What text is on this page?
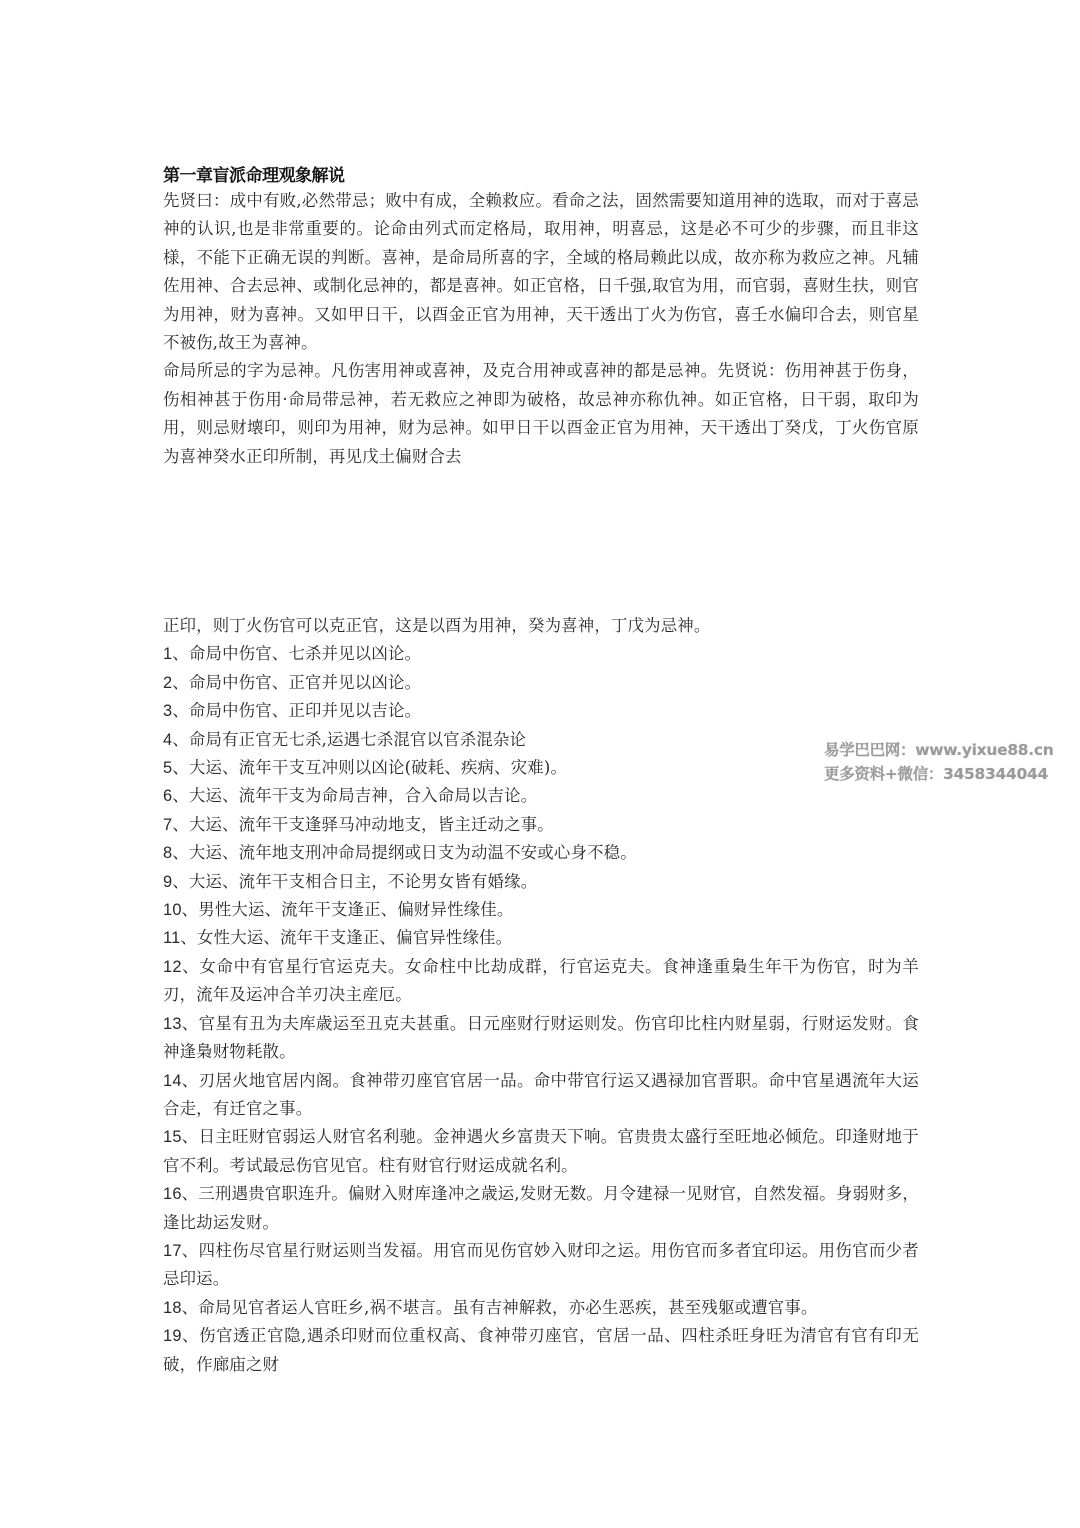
第一章盲派命理观象解说

先贤曰：成中有败,必然带忌；败中有成，全赖救应。看命之法，固然需要知道用神的选取，而对于喜忌神的认识,也是非常重要的。论命由列式而定格局，取用神，明喜忌，这是必不可少的步骤，而且非这様，不能下正确无误的判断。喜神，是命局所喜的字，全域的格局赖此以成，故亦称为救应之神。凡辅佐用神、合去忌神、或制化忌神的，都是喜神。如正官格，日千强,取官为用，而官弱，喜财生扶，则官为用神，财为喜神。又如甲日干，以酉金正官为用神，天干透出丁火为伤官，喜壬水偏印合去，则官星不被伤,故王为喜神。

命局所忌的字为忌神。凡伤害用神或喜神，及克合用神或喜神的都是忌神。先贤说：伤用神甚于伤身，伤相神甚于伤用·命局带忌神，若无救应之神即为破格，故忌神亦称仇神。如正官格，日干弱，取印为用，则忌财壊印，则印为用神，财为忌神。如甲日干以酉金正官为用神，天干透出丁癸戊，丁火伤官原为喜神癸水正印所制，再见戊土偏财合去

正印，则丁火伤官可以克正官，这是以酉为用神，癸为喜神，丁戊为忌神。

1、命局中伤官、七杀并见以凶论。

2、命局中伤官、正官并见以凶论。

3、命局中伤官、正印并见以吉论。

4、命局有正官无七杀,运遇七杀混官以官杀混杂论

5、大运、流年干支互冲则以凶论(破耗、疾病、灾难)。

6、大运、流年干支为命局吉神，合入命局以吉论。

7、大运、流年干支逢驿马冲动地支，皆主迁动之事。

8、大运、流年地支刑冲命局提纲或日支为动温不安或心身不稳。

9、大运、流年干支相合日主，不论男女皆有婚缘。

10、男性大运、流年干支逢正、偏财异性缘佳。

11、女性大运、流年干支逢正、偏官异性缘佳。

12、女命中有官星行官运克夫。女命柱中比劫成群，行官运克夫。食神逢重梟生年干为伤官，时为羊刃，流年及运冲合羊刃决主産厄。

13、官星有丑为夫库歳运至丑克夫甚重。日元座财行财运则发。伤官印比柱内财星弱，行财运发财。食神逢梟财物耗散。

14、刃居火地官居内阁。食神带刃座官官居一品。命中带官行运又遇禄加官晋职。命中官星遇流年大运合走，有迁官之事。

15、日主旺财官弱运人财官名利驰。金神遇火乡富贵天下响。官贵贵太盛行至旺地必倾危。印逢财地于官不利。考试最忌伤官见官。柱有财官行财运成就名利。

16、三刑遇贵官职连升。偏财入财库逢冲之歳运,发财无数。月令建禄一见财官，自然发福。身弱财多，逢比劫运发财。

17、四柱伤尽官星行财运则当发福。用官而见伤官妙入财印之运。用伤官而多者宜印运。用伤官而少者忌印运。

18、命局见官者运人官旺乡,祸不堪言。虽有吉神解救，亦必生恶疾，甚至残躯或遭官事。

19、伤官透正官隐,遇杀印财而位重权高、食神带刃座官，官居一品、四柱杀旺身旺为清官有官有印无破，作廊庙之财

易学巴巴网：www.yixue88.cn
更多资料+微信：3458344044
